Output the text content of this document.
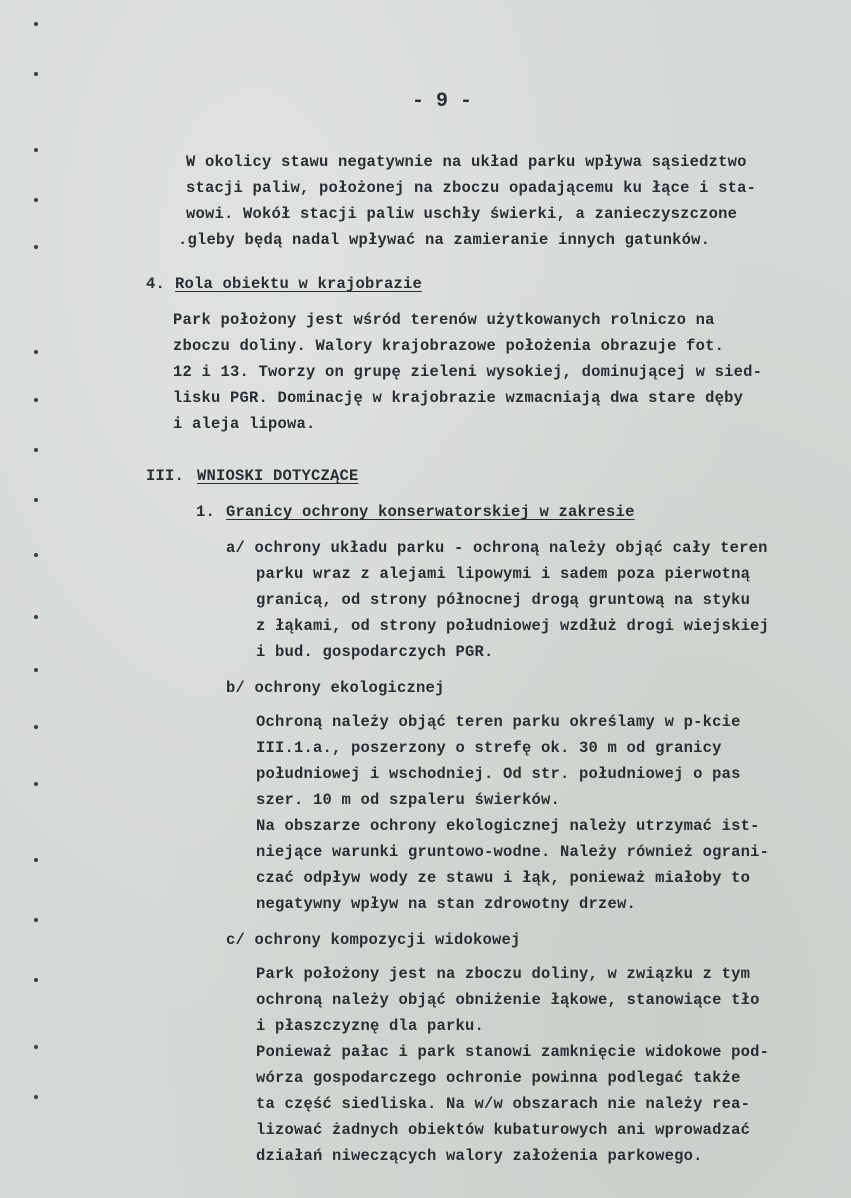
- 9 -
W okolicy stawu negatywnie na układ parku wpływa sąsiedztwo
stacji paliw, położonej na zboczu opadającemu ku łące i sta-
wowi. Wokół stacji paliw uschły świerki, a zanieczyszczone
.gleby będą nadal wpływać na zamieranie innych gatunków.
4. Rola obiektu w krajobrazie
Park położony jest wśród terenów użytkowanych rolniczo na
zboczu doliny. Walory krajobrazowe położenia obrazuje fot.
12 i 13. Tworzy on grupę zieleni wysokiej, dominującej w sied-
lisku PGR. Dominację w krajobrazie wzmacniają dwa stare dęby
i aleja lipowa.
III. WNIOSKI DOTYCZĄCE
1. Granicy ochrony konserwatorskiej w zakresie
a/ ochrony układu parku - ochroną należy objąć cały teren
parku wraz z alejami lipowymi i sadem poza pierwotną
granicą, od strony północnej drogą gruntową na styku
z łąkami, od strony południowej wzdłuż drogi wiejskiej
i bud. gospodarczych PGR.
b/ ochrony ekologicznej
Ochroną należy objąć teren parku określamy w p-kcie
III.1.a., poszerzony o strefę ok. 30 m od granicy
południowej i wschodniej. Od str. południowej o pas
szer. 10 m od szpaleru świerków.
Na obszarze ochrony ekologicznej należy utrzymać ist-
niejące warunki gruntowo-wodne. Należy również ograni-
czać odpływ wody ze stawu i łąk, ponieważ miałoby to
negatywny wpływ na stan zdrowotny drzew.
c/ ochrony kompozycji widokowej
Park położony jest na zboczu doliny, w związku z tym
ochroną należy objąć obniżenie łąkowe, stanowiące tło
i płaszczyznę dla parku.
Ponieważ pałac i park stanowi zamknięcie widokowe pod-
wórza gospodarczego ochronie powinna podlegać także
ta część siedliska. Na w/w obszarach nie należy rea-
lizować żadnych obiektów kubaturowych ani wprowadzać
działań niweczących walory założenia parkowego.
